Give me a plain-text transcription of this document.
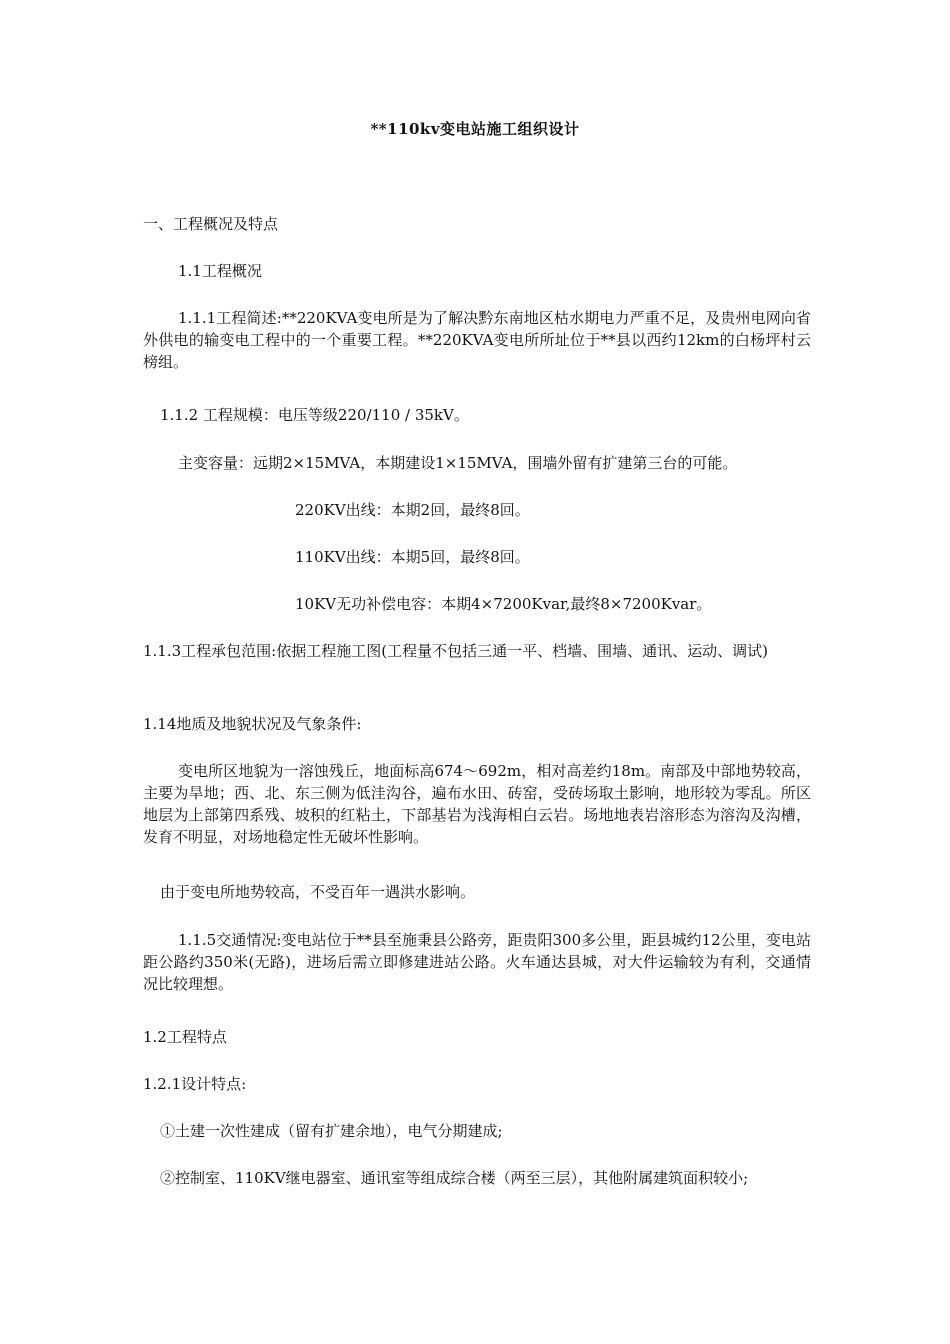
**110kv变电站施工组织设计
一、工程概况及特点
1.1工程概况
1.1.1工程简述:**220KVA变电所是为了解决黔东南地区枯水期电力严重不足，及贵州电网向省外供电的输变电工程中的一个重要工程。**220KVA变电所所址位于**县以西约12km的白杨坪村云榜组。
1.1.2 工程规模：电压等级220/110 / 35kV。
主变容量：远期2×15MVA，本期建设1×15MVA，围墙外留有扩建第三台的可能。
220KV出线：本期2回，最终8回。
110KV出线：本期5回，最终8回。
10KV无功补偿电容：本期4×7200Kvar,最终8×7200Kvar。
1.1.3工程承包范围:依据工程施工图(工程量不包括三通一平、档墙、围墙、通讯、运动、调试)
1.14地质及地貌状况及气象条件:
变电所区地貌为一溶蚀残丘，地面标高674～692m，相对高差约18m。南部及中部地势较高，主要为旱地；西、北、东三侧为低洼沟谷，遍布水田、砖窑，受砖场取土影响，地形较为零乱。所区地层为上部第四系残、坡积的红粘土，下部基岩为浅海相白云岩。场地地表岩溶形态为溶沟及沟槽，发育不明显，对场地稳定性无破坏性影响。
由于变电所地势较高，不受百年一遇洪水影响。
1.1.5交通情况:变电站位于**县至施秉县公路旁，距贵阳300多公里，距县城约12公里，变电站距公路约350米(无路)，进场后需立即修建进站公路。火车通达县城，对大件运输较为有利，交通情况比较理想。
1.2工程特点
1.2.1设计特点:
①土建一次性建成（留有扩建余地），电气分期建成;
②控制室、110KV继电器室、通讯室等组成综合楼（两至三层），其他附属建筑面积较小;
